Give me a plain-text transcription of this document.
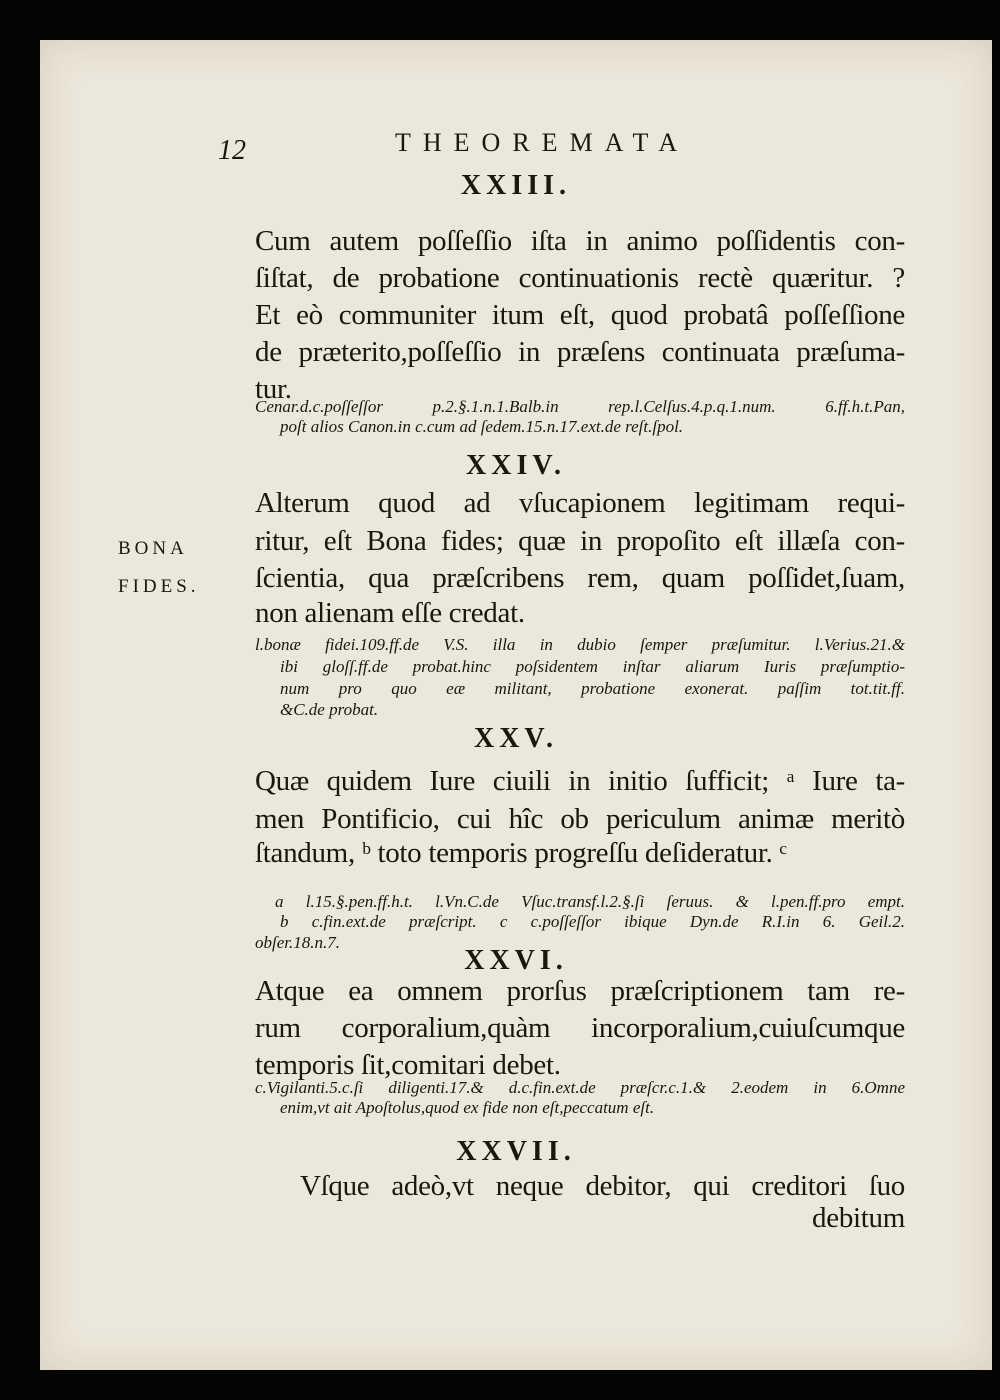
12	THEOREMATA
XXIII.
Cum autem poſſeſſio iſta in animo poſſidentis con-
ſiſtat, de probatione continuationis rectè quæritur. ?
Et eò communiter itum eſt, quod probatâ poſſeſſione
de præterito,poſſeſſio in præſens continuata præſuma-
tur.
Cenar.d.c.poſſeſſor p.2.§.1.n.1.Balb.in rep.l.Celſus.4.p.q.1.num. 6.ff.h.t.Pan,
poſt alios Canon.in c.cum ad ſedem.15.n.17.ext.de reſt.ſpol.
XXIV.
Alterum quod ad vſucapionem legitimam requi-
ritur, eſt Bona fides; quæ in propoſito eſt illæſa con-
ſcientia, qua præſcribens rem, quam poſſidet,ſuam,
non alienam eſſe credat.
BONA
FIDES.
l.bonæ fidei.109.ff.de V.S. illa in dubio ſemper præſumitur. l.Verius.21.&
ibi gloſſ.ff.de probat.hinc poſsidentem inſtar aliarum Iuris præſumptio-
num pro quo eæ militant, probatione exonerat. paſſim tot.tit.ff.
&C.de probat.
XXV.
Quæ quidem Iure ciuili in initio ſufficit; ᵃ Iure ta-
men Pontificio, cui hîc ob periculum animæ meritò
ſtandum, ᵇ toto temporis progreſſu deſideratur. ᶜ
a l.15.§.pen.ff.h.t. l.Vn.C.de Vſuc.transf.l.2.§.ſi ſeruus. & l.pen.ff.pro empt.
b c.fin.ext.de præſcript. c c.poſſeſſor ibique Dyn.de R.I.in 6. Geil.2.
obſer.18.n.7.
XXVI.
Atque ea omnem prorſus præſcriptionem tam re-
rum corporalium,quàm incorporalium,cuiuſcumque
temporis ſit,comitari debet.
c.Vigilanti.5.c.ſi diligenti.17.& d.c.fin.ext.de præſcr.c.1.& 2.eodem in 6.Omne
enim,vt ait Apoſtolus,quod ex fide non eſt,peccatum eſt.
XXVII.
Vſque adeò,vt neque debitor, qui creditori ſuo
debitum
